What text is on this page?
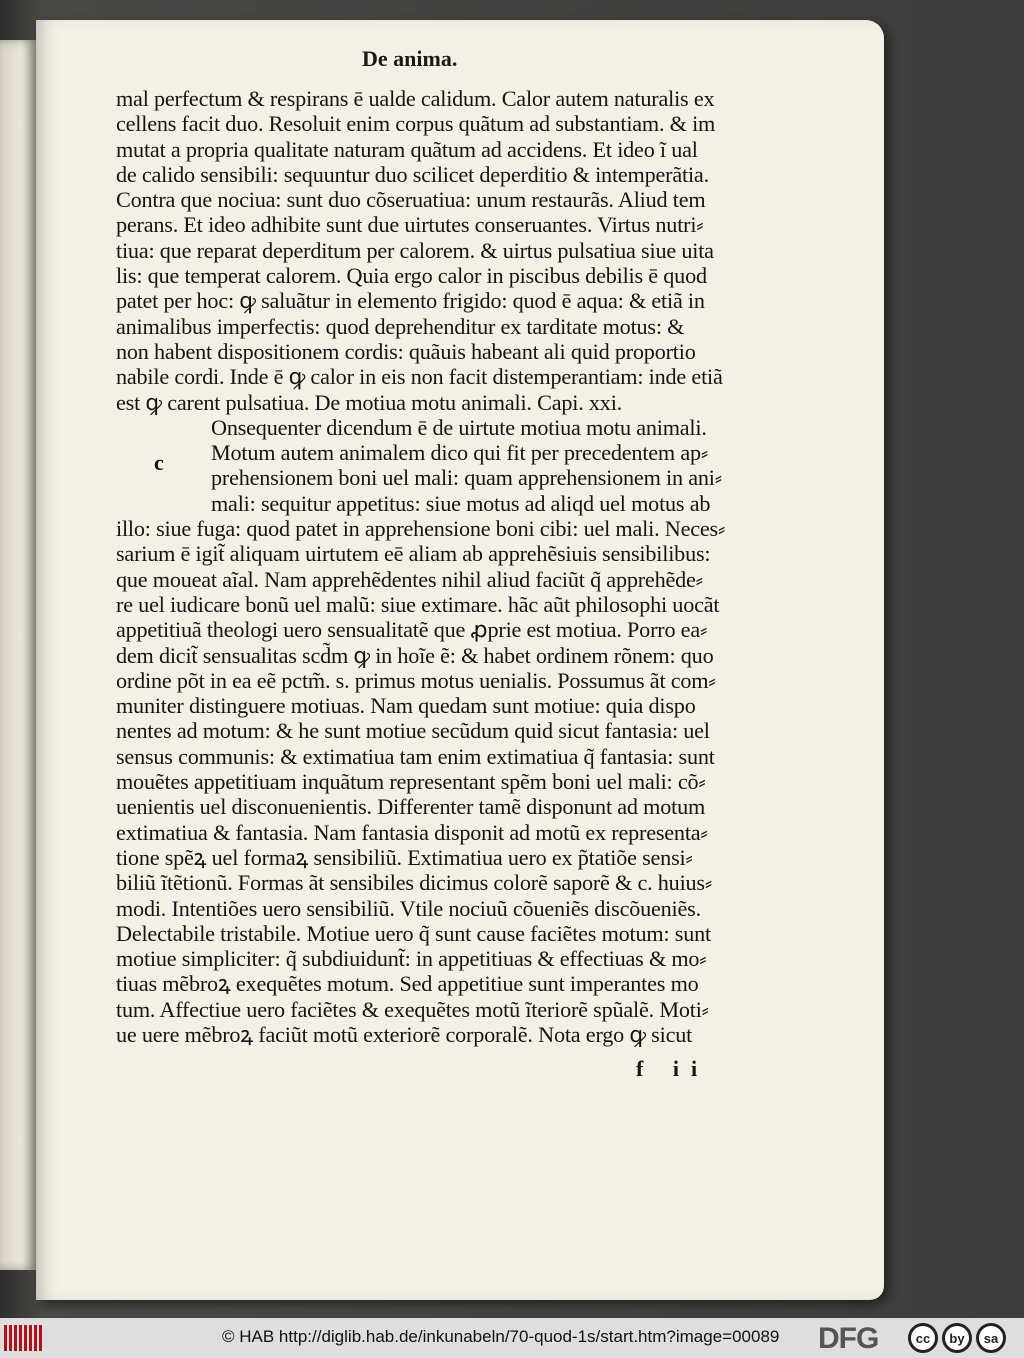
De anima.
mal perfectum & respirans ē ualde calidum. Calor autem naturalis ex
cellens facit duo. Resoluit enim corpus quãtum ad substantiam. & im
mutat a propria qualitate naturam quãtum ad accidens. Et ideo ĩ ual
de calido sensibili: sequuntur duo scilicet deperditio & intemperãtia.
Contra que nociua: sunt duo cõseruatiua: unum restaurãs. Aliud tem
perans. Et ideo adhibite sunt due uirtutes conseruantes. Virtus nutri⸗
tiua: que reparat deperditum per calorem. & uirtus pulsatiua siue uita
lis: que temperat calorem. Quia ergo calor in piscibus debilis ē quod
patet per hoc: ꝙ saluãtur in elemento frigido: quod ē aqua: & etiã in
animalibus imperfectis: quod deprehenditur ex tarditate motus: &
non habent dispositionem cordis: quãuis habeant ali quid proportio
nabile cordi. Inde ē ꝙ calor in eis non facit distemperantiam: inde etiã
est ꝙ carent pulsatiua. De motiua motu animali. Capi. xxi.
Onsequenter dicendum ē de uirtute motiua motu animali.
Motum autem animalem dico qui fit per precedentem ap⸗
prehensionem boni uel mali: quam apprehensionem in ani⸗
mali: sequitur appetitus: siue motus ad aliqd uel motus ab
illo: siue fuga: quod patet in apprehensione boni cibi: uel mali. Neces⸗
sarium ē igit̃ aliquam uirtutem eē aliam ab apprehẽsiuis sensibilibus:
que moueat aĩal. Nam apprehẽdentes nihil aliud faciũt q̃ apprehẽde⸗
re uel iudicare bonũ uel malũ: siue extimare. hãc aũt philosophi uocãt
appetitiuã theologi uero sensualitatẽ que ꝓprie est motiua. Porro ea⸗
dem dicit̃ sensualitas scd̃m ꝙ in hoĩe ẽ: & habet ordinem rõnem: quo
ordine põt in ea eẽ pctm̃. s. primus motus uenialis. Possumus ãt com⸗
muniter distinguere motiuas. Nam quedam sunt motiue: quia dispo
nentes ad motum: & he sunt motiue secũdum quid sicut fantasia: uel
sensus communis: & extimatiua tam enim extimatiua q̃ fantasia: sunt
mouẽtes appetitiuam inquãtum representant spẽm boni uel mali: cõ⸗
uenientis uel disconuenientis. Differenter tamẽ disponunt ad motum
extimatiua & fantasia. Nam fantasia disponit ad motũ ex representa⸗
tione spẽꝝ uel formaꝝ sensibiliũ. Extimatiua uero ex p̃tatiõe sensi⸗
biliũ ĩtẽtionũ. Formas ãt sensibiles dicimus colorẽ saporẽ & c. huius⸗
modi. Intentiões uero sensibiliũ. Vtile nociuũ cõueniẽs discõueniẽs.
Delectabile tristabile. Motiue uero q̃ sunt cause faciẽtes motum: sunt
motiue simpliciter: q̃ subdiuidunt̃: in appetitiuas & effectiuas & mo⸗
tiuas mẽbroꝝ exequẽtes motum. Sed appetitiue sunt imperantes mo
tum. Affectiue uero faciẽtes & exequẽtes motũ ĩteriorẽ spũalẽ. Moti⸗
ue uere mẽbroꝝ faciũt motũ exteriorẽ corporalẽ. Nota ergo ꝙ sicut
c
f ii
© HAB http://diglib.hab.de/inkunabeln/70-quod-1s/start.htm?image=00089 DFG	cc	by	sa
